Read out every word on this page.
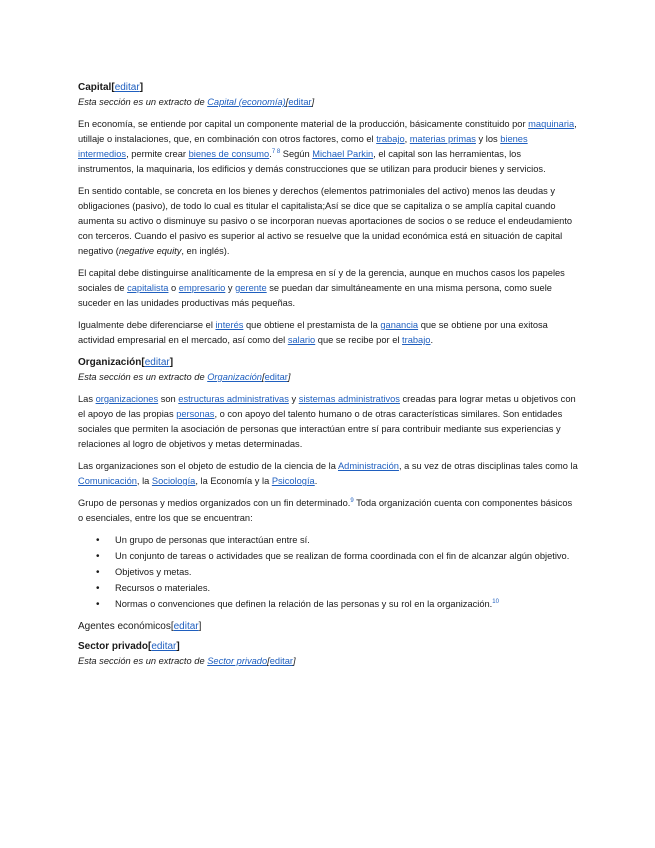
Capital[editar]
Esta sección es un extracto de Capital (economía)[editar]

En economía, se entiende por capital un componente material de la producción, básicamente constituido por maquinaria, utillaje o instalaciones, que, en combinación con otros factores, como el trabajo, materias primas y los bienes intermedios, permite crear bienes de consumo.$^{7 8}$ Según Michael Parkin, el capital son las herramientas, los instrumentos, la maquinaria, los edificios y demás construcciones que se utilizan para producir bienes y servicios.

En sentido contable, se concreta en los bienes y derechos (elementos patrimoniales del activo) menos las deudas y obligaciones (pasivo), de todo lo cual es titular el capitalista;Así se dice que se capitaliza o se amplía capital cuando aumenta su activo o disminuye su pasivo o se incorporan nuevas aportaciones de socios o se reduce el endeudamiento con terceros. Cuando el pasivo es superior al activo se resuelve que la unidad económica está en situación de capital negativo (negative equity, en inglés).

El capital debe distinguirse analíticamente de la empresa en sí y de la gerencia, aunque en muchos casos los papeles sociales de capitalista o empresario y gerente se puedan dar simultáneamente en una misma persona, como suele suceder en las unidades productivas más pequeñas.

Igualmente debe diferenciarse el interés que obtiene el prestamista de la ganancia que se obtiene por una exitosa actividad empresarial en el mercado, así como del salario que se recibe por el trabajo.

Organización[editar]
Esta sección es un extracto de Organización[editar]

Las organizaciones son estructuras administrativas y sistemas administrativos creadas para lograr metas u objetivos con el apoyo de las propias personas, o con apoyo del talento humano o de otras características similares. Son entidades sociales que permiten la asociación de personas que interactúan entre sí para contribuir mediante sus experiencias y relaciones al logro de objetivos y metas determinadas.

Las organizaciones son el objeto de estudio de la ciencia de la Administración, a su vez de otras disciplinas tales como la Comunicación, la Sociología, la Economía y la Psicología.

Grupo de personas y medios organizados con un fin determinado.$^9$ Toda organización cuenta con componentes básicos o esenciales, entre los que se encuentran:

• Un grupo de personas que interactúan entre sí.
• Un conjunto de tareas o actividades que se realizan de forma coordinada con el fin de alcanzar algún objetivo.
• Objetivos y metas.
• Recursos o materiales.
• Normas o convenciones que definen la relación de las personas y su rol en la organización.$^{10}$
Agentes económicos[editar]
Sector privado[editar]
Esta sección es un extracto de Sector privado[editar]
